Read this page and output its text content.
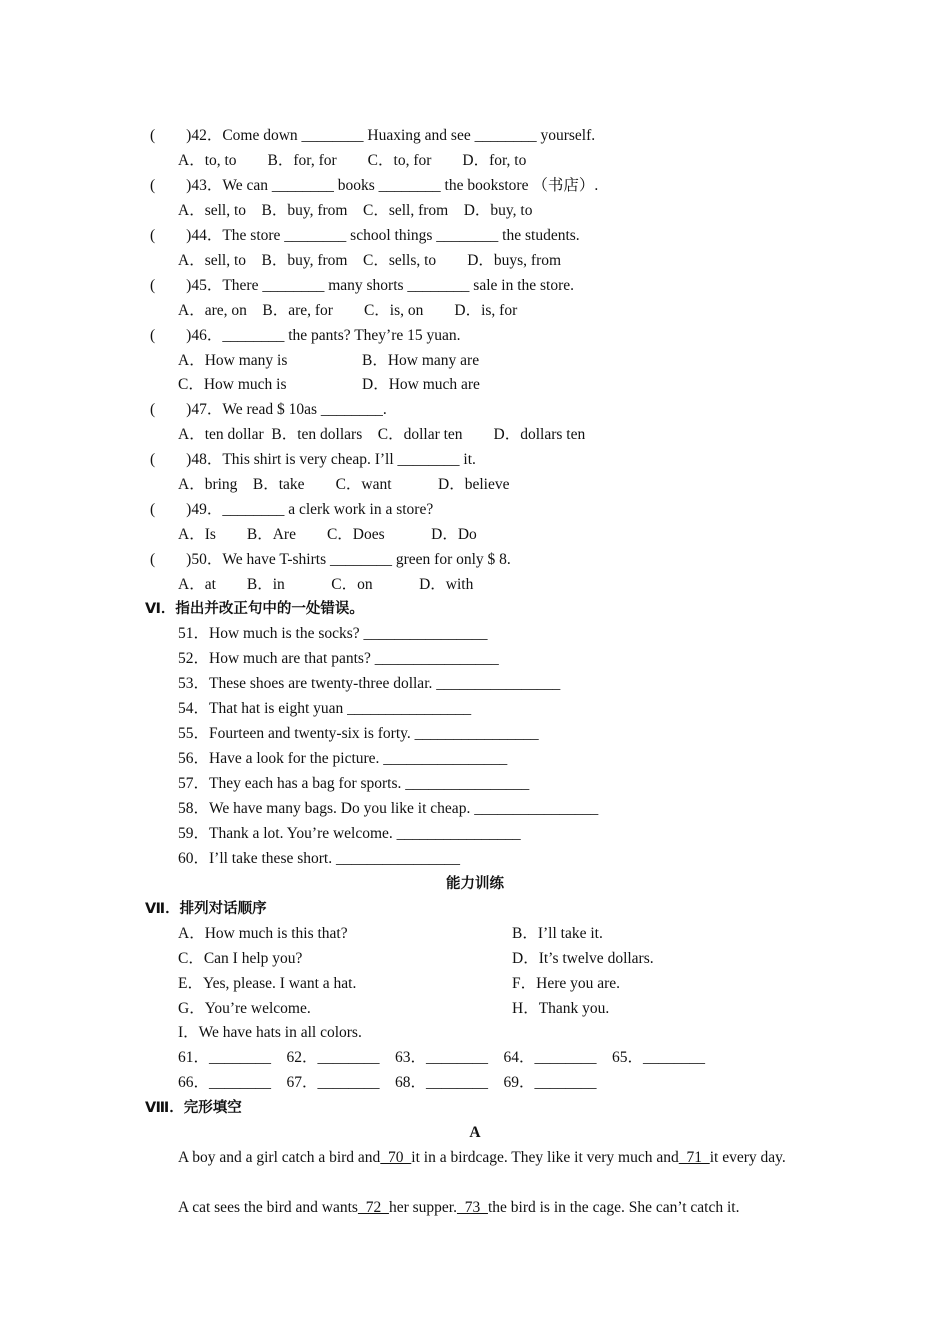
(　　)42．Come down ________ Huaxing and see ________ yourself.
A．to, to　　B．for, for　　C．to, for　　D．for, to
(　　)43．We can ________ books ________ the bookstore （书店）.
A．sell, to　B．buy, from　C．sell, from　D．buy, to
(　　)44．The store ________ school things ________ the students.
A．sell, to　B．buy, from　C．sells, to　　D．buys, from
(　　)45．There ________ many shorts ________ sale in the store.
A．are, on　B．are, for　　C．is, on　　D．is, for
(　　)46．________ the pants? They’re 15 yuan.
A．How many is	B．How many are
C．How much is	D．How much are
(　　)47．We read $ 10as ________.
A．ten dollar  B．ten dollars　C．dollar ten　　D．dollars ten
(　　)48．This shirt is very cheap. I’ll ________ it.
A．bring　B．take　　C．want　　　D．believe
(　　)49．________ a clerk work in a store?
A．Is　　B．Are　　C．Does　　　D．Do
(　　)50．We have T-shirts ________ green for only $ 8.
A．at　　B．in　　　C．on　　　D．with
Ⅵ．指出并改正句中的一处错误。
51．How much is the socks? ________________
52．How much are that pants? ________________
53．These shoes are twenty-three dollar. ________________
54．That hat is eight yuan ________________
55．Fourteen and twenty-six is forty. ________________
56．Have a look for the picture. ________________
57．They each has a bag for sports. ________________
58．We have many bags. Do you like it cheap. ________________
59．Thank a lot. You’re welcome. ________________
60．I’ll take these short. ________________
能力训练
Ⅶ．排列对话顺序
A．How much is this that?	B．I’ll take it.
C．Can I help you?	D．It’s twelve dollars.
E．Yes, please. I want a hat.	F．Here you are.
G．You’re welcome.	H．Thank you.
I．We have hats in all colors.
61．________　62．________　63．________　64．________　65．________
66．________　67．________　68．________　69．________
Ⅷ．完形填空
A
A boy and a girl catch a bird and  70  it in a birdcage. They like it very much and  71  it every day.
A cat sees the bird and wants  72  her supper.  73  the bird is in the cage. She can’t catch it.
